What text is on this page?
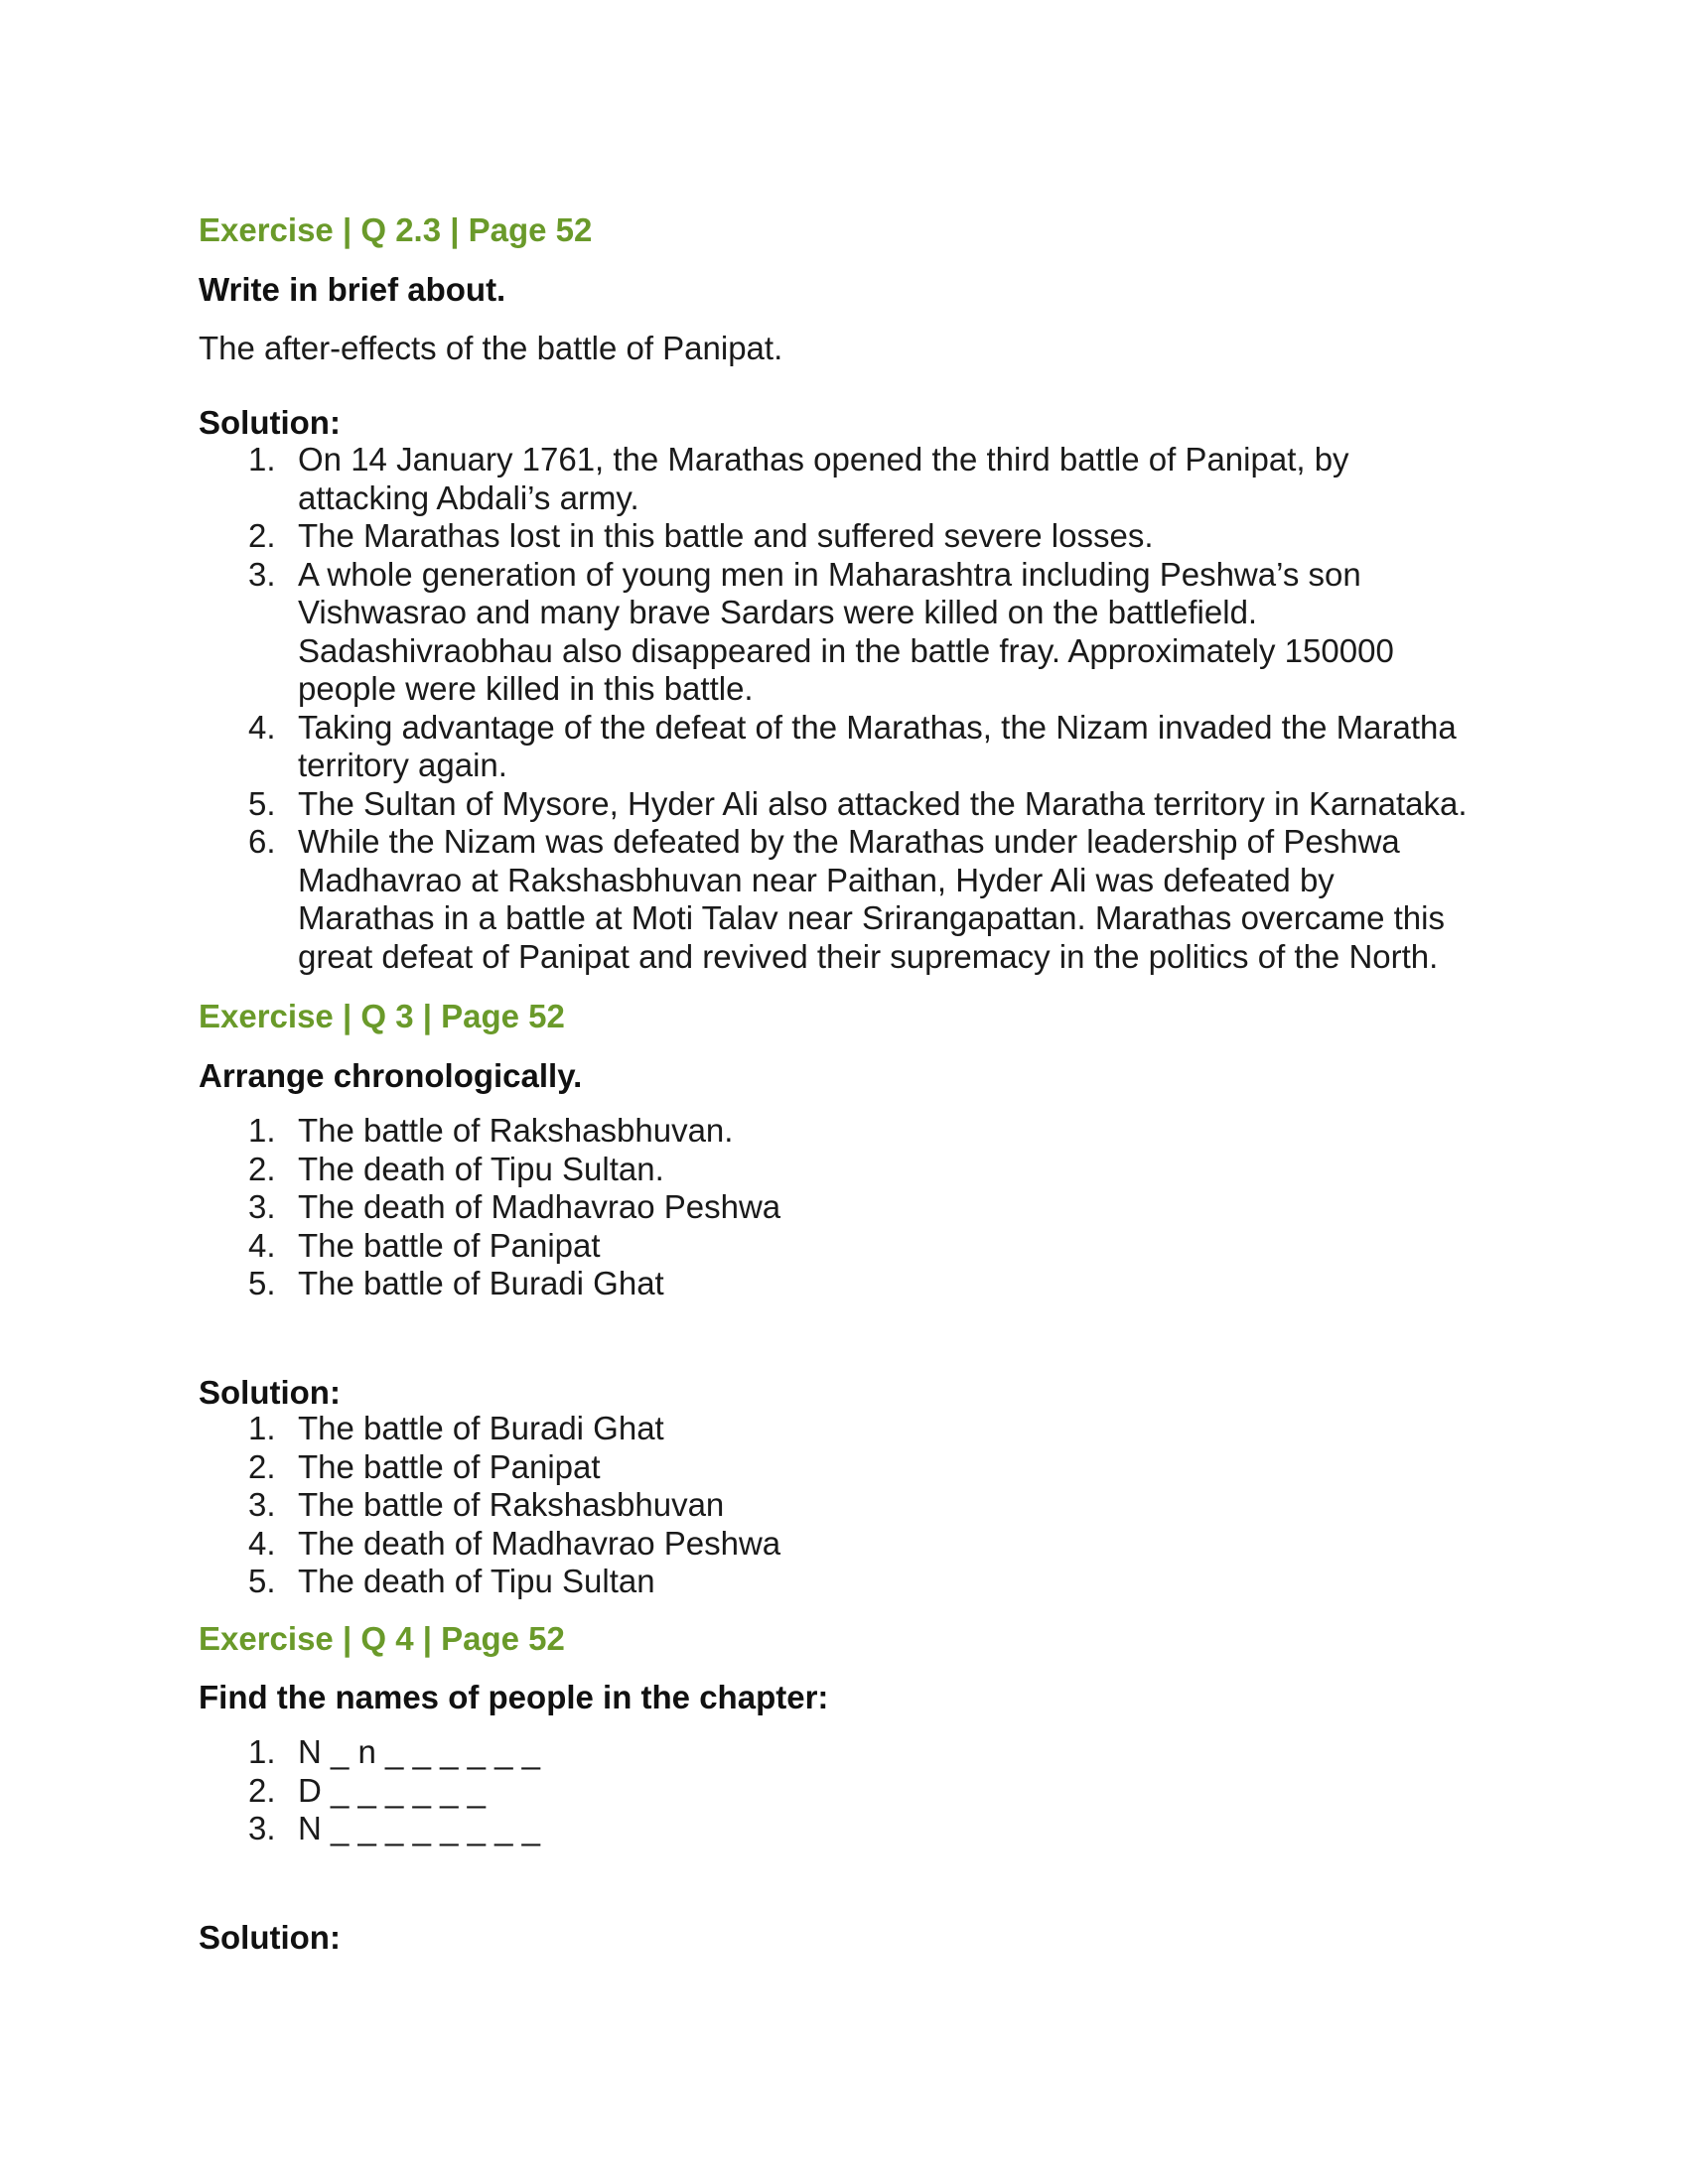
Exercise | Q 2.3 | Page 52
Write in brief about.
The after-effects of the battle of Panipat.
Solution:
1. On 14 January 1761, the Marathas opened the third battle of Panipat, by
attacking Abdali’s army.
2. The Marathas lost in this battle and suffered severe losses.
3. A whole generation of young men in Maharashtra including Peshwa’s son
Vishwasrao and many brave Sardars were killed on the battlefield.
Sadashivraobhau also disappeared in the battle fray. Approximately 150000
people were killed in this battle.
4. Taking advantage of the defeat of the Marathas, the Nizam invaded the Maratha
territory again.
5. The Sultan of Mysore, Hyder Ali also attacked the Maratha territory in Karnataka.
6. While the Nizam was defeated by the Marathas under leadership of Peshwa
Madhavrao at Rakshasbhuvan near Paithan, Hyder Ali was defeated by
Marathas in a battle at Moti Talav near Srirangapattan. Marathas overcame this
great defeat of Panipat and revived their supremacy in the politics of the North.
Exercise | Q 3 | Page 52
Arrange chronologically.
1. The battle of Rakshasbhuvan.
2. The death of Tipu Sultan.
3. The death of Madhavrao Peshwa
4. The battle of Panipat
5. The battle of Buradi Ghat
Solution:
1. The battle of Buradi Ghat
2. The battle of Panipat
3. The battle of Rakshasbhuvan
4. The death of Madhavrao Peshwa
5. The death of Tipu Sultan
Exercise | Q 4 | Page 52
Find the names of people in the chapter:
1. N _ n _ _ _ _ _ _
2. D _ _ _ _ _ _
3. N _ _ _ _ _ _ _ _
Solution:
